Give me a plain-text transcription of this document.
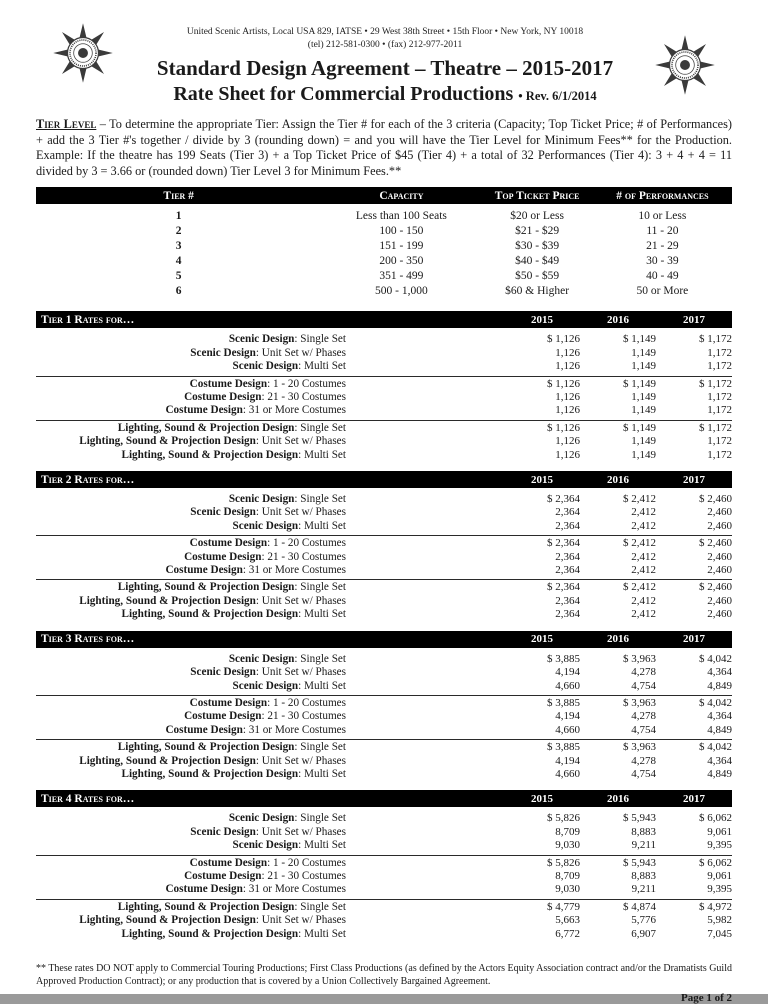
United Scenic Artists, Local USA 829, IATSE • 29 West 38th Street • 15th Floor • New York, NY 10018
(tel) 212-581-0300 • (fax) 212-977-2011
Standard Design Agreement – Theatre – 2015-2017
Rate Sheet for Commercial Productions • Rev. 6/1/2014

Tier Level – To determine the appropriate Tier: Assign the Tier # for each of the 3 criteria (Capacity; Top Ticket Price; # of Performances) + add the 3 Tier #'s together / divide by 3 (rounding down) = and you will have the Tier Level for Minimum Fees** for the Production. Example: If the theatre has 199 Seats (Tier 3) + a Top Ticket Price of $45 (Tier 4) + a total of 32 Performances (Tier 4): 3 + 4 + 4 = 11 divided by 3 = 3.66 or (rounded down) Tier Level 3 for Minimum Fees.**

Tier #	Capacity	Top Ticket Price	# of Performances
1	Less than 100 Seats	$20 or Less	10 or Less
2	100 - 150	$21 - $29	11 - 20
3	151 - 199	$30 - $39	21 - 29
4	200 - 350	$40 - $49	30 - 39
5	351 - 499	$50 - $59	40 - 49
6	500 - 1,000	$60 & Higher	50 or More
Tier 1 Rates for…	2015	2016	2017
Scenic Design: Single Set	$ 1,126	$ 1,149	$ 1,172
Scenic Design: Unit Set w/ Phases	1,126	1,149	1,172
Scenic Design: Multi Set	1,126	1,149	1,172
Costume Design: 1 - 20 Costumes	$ 1,126	$ 1,149	$ 1,172
Costume Design: 21 - 30 Costumes	1,126	1,149	1,172
Costume Design: 31 or More Costumes	1,126	1,149	1,172
Lighting, Sound & Projection Design: Single Set	$ 1,126	$ 1,149	$ 1,172
Lighting, Sound & Projection Design: Unit Set w/ Phases	1,126	1,149	1,172
Lighting, Sound & Projection Design: Multi Set	1,126	1,149	1,172
Tier 2 Rates for…	2015	2016	2017
Scenic Design: Single Set	$ 2,364	$ 2,412	$ 2,460
Scenic Design: Unit Set w/ Phases	2,364	2,412	2,460
Scenic Design: Multi Set	2,364	2,412	2,460
Costume Design: 1 - 20 Costumes	$ 2,364	$ 2,412	$ 2,460
Costume Design: 21 - 30 Costumes	2,364	2,412	2,460
Costume Design: 31 or More Costumes	2,364	2,412	2,460
Lighting, Sound & Projection Design: Single Set	$ 2,364	$ 2,412	$ 2,460
Lighting, Sound & Projection Design: Unit Set w/ Phases	2,364	2,412	2,460
Lighting, Sound & Projection Design: Multi Set	2,364	2,412	2,460
Tier 3 Rates for…	2015	2016	2017
Scenic Design: Single Set	$ 3,885	$ 3,963	$ 4,042
Scenic Design: Unit Set w/ Phases	4,194	4,278	4,364
Scenic Design: Multi Set	4,660	4,754	4,849
Costume Design: 1 - 20 Costumes	$ 3,885	$ 3,963	$ 4,042
Costume Design: 21 - 30 Costumes	4,194	4,278	4,364
Costume Design: 31 or More Costumes	4,660	4,754	4,849
Lighting, Sound & Projection Design: Single Set	$ 3,885	$ 3,963	$ 4,042
Lighting, Sound & Projection Design: Unit Set w/ Phases	4,194	4,278	4,364
Lighting, Sound & Projection Design: Multi Set	4,660	4,754	4,849
Tier 4 Rates for…	2015	2016	2017
Scenic Design: Single Set	$ 5,826	$ 5,943	$ 6,062
Scenic Design: Unit Set w/ Phases	8,709	8,883	9,061
Scenic Design: Multi Set	9,030	9,211	9,395
Costume Design: 1 - 20 Costumes	$ 5,826	$ 5,943	$ 6,062
Costume Design: 21 - 30 Costumes	8,709	8,883	9,061
Costume Design: 31 or More Costumes	9,030	9,211	9,395
Lighting, Sound & Projection Design: Single Set	$ 4,779	$ 4,874	$ 4,972
Lighting, Sound & Projection Design: Unit Set w/ Phases	5,663	5,776	5,982
Lighting, Sound & Projection Design: Multi Set	6,772	6,907	7,045

** These rates DO NOT apply to Commercial Touring Productions; First Class Productions (as defined by the Actors Equity Association contract and/or the Dramatists Guild Approved Production Contract); or any production that is covered by a Union Collectively Bargained Agreement.

Page 1 of 2
